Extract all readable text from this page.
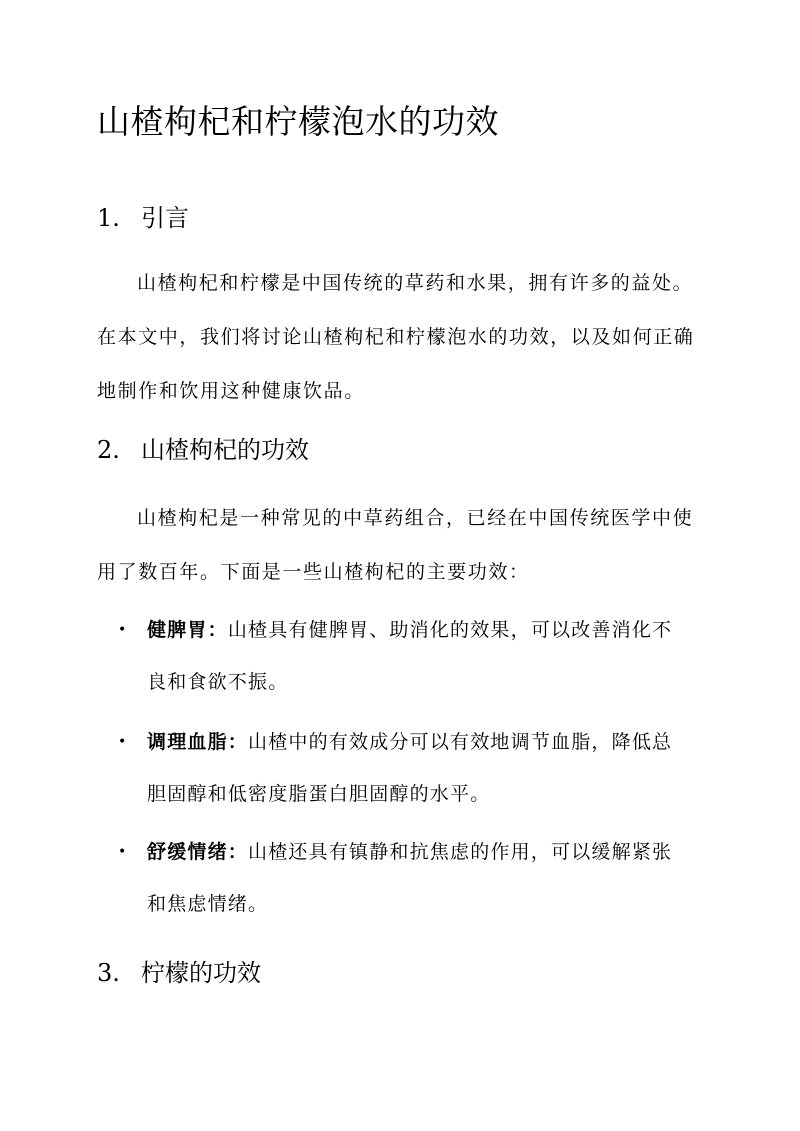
山楂枸杞和柠檬泡水的功效
1. 引言

山楂枸杞和柠檬是中国传统的草药和水果，拥有许多的益处。
在本文中，我们将讨论山楂枸杞和柠檬泡水的功效，以及如何正确
地制作和饮用这种健康饮品。

2. 山楂枸杞的功效

山楂枸杞是一种常见的中草药组合，已经在中国传统医学中使
用了数百年。下面是一些山楂枸杞的主要功效：

• 健脾胃：山楂具有健脾胃、助消化的效果，可以改善消化不
良和食欲不振。
• 调理血脂：山楂中的有效成分可以有效地调节血脂，降低总
胆固醇和低密度脂蛋白胆固醇的水平。
• 舒缓情绪：山楂还具有镇静和抗焦虑的作用，可以缓解紧张
和焦虑情绪。
3. 柠檬的功效
